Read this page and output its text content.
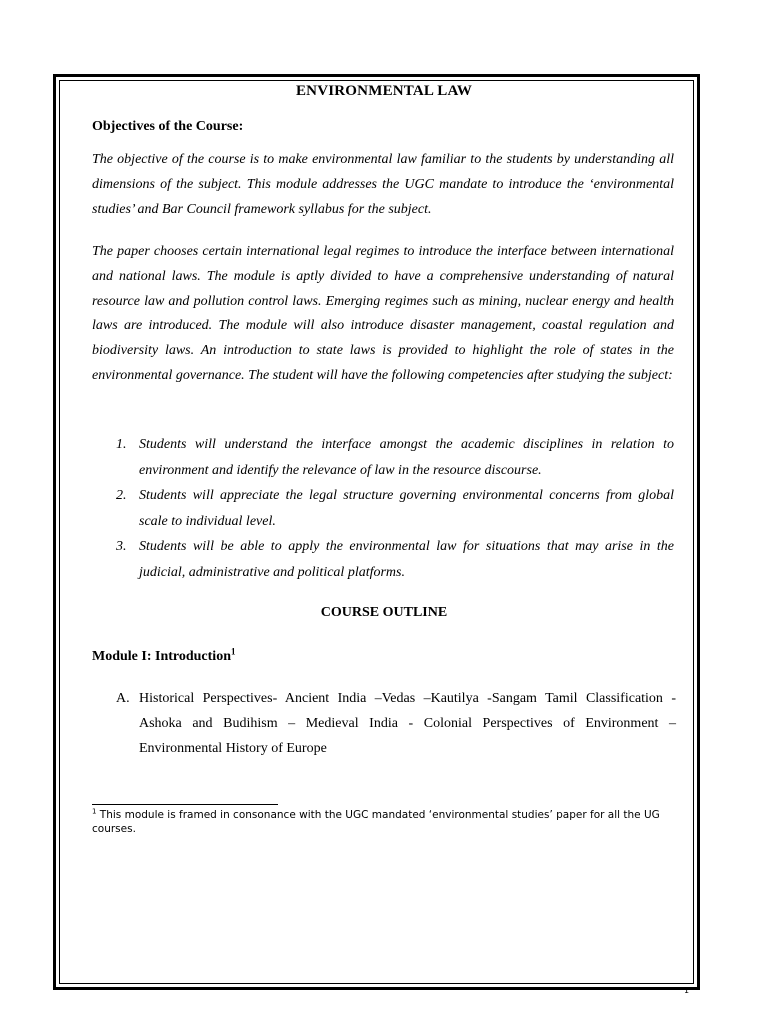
ENVIRONMENTAL LAW
Objectives of the Course:

The objective of the course is to make environmental law familiar to the students by understanding all dimensions of the subject. This module addresses the UGC mandate to introduce the ‘environmental studies’ and Bar Council framework syllabus for the subject.

The paper chooses certain international legal regimes to introduce the interface between international and national laws. The module is aptly divided to have a comprehensive understanding of natural resource law and pollution control laws. Emerging regimes such as mining, nuclear energy and health laws are introduced. The module will also introduce disaster management, coastal regulation and biodiversity laws. An introduction to state laws is provided to highlight the role of states in the environmental governance. The student will have the following competencies after studying the subject:

1. Students will understand the interface amongst the academic disciplines in relation to environment and identify the relevance of law in the resource discourse.
2. Students will appreciate the legal structure governing environmental concerns from global scale to individual level.
3. Students will be able to apply the environmental law for situations that may arise in the judicial, administrative and political platforms.
COURSE OUTLINE
Module I: Introduction$^1$
A. Historical Perspectives- Ancient India –Vedas –Kautilya -Sangam Tamil Classification - Ashoka and Budihism – Medieval India - Colonial Perspectives of Environment – Environmental History of Europe

$^1$ This module is framed in consonance with the UGC mandated ‘environmental studies’ paper for all the UG courses.

1
